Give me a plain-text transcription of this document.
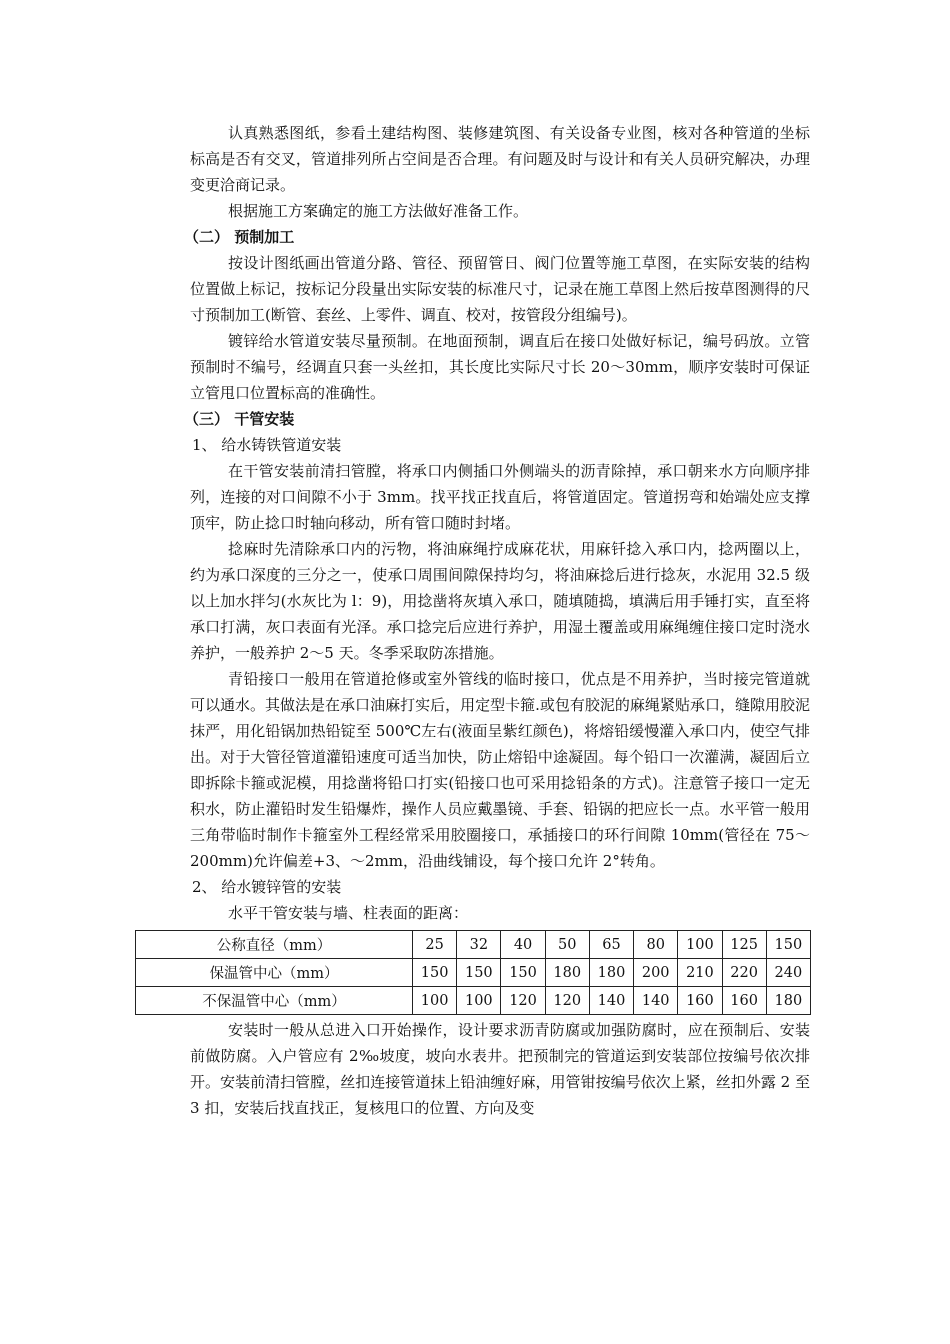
认真熟悉图纸，参看土建结构图、装修建筑图、有关设备专业图，核对各种管道的坐标标高是否有交叉，管道排列所占空间是否合理。有问题及时与设计和有关人员研究解决，办理变更洽商记录。

根据施工方案确定的施工方法做好准备工作。

（二） 预制加工

按设计图纸画出管道分路、管径、预留管日、阀门位置等施工草图，在实际安装的结构位置做上标记，按标记分段量出实际安装的标准尺寸，记录在施工草图上然后按草图测得的尺寸预制加工(断管、套丝、上零件、调直、校对，按管段分组编号)。

镀锌给水管道安装尽量预制。在地面预制，调直后在接口处做好标记，编号码放。立管预制时不编号，经调直只套一头丝扣，其长度比实际尺寸长 20～30mm，顺序安装时可保证立管甩口位置标高的准确性。

（三） 干管安装

1、 给水铸铁管道安装

在干管安装前清扫管膛，将承口内侧插口外侧端头的沥青除掉，承口朝来水方向顺序排列，连接的对口间隙不小于 3mm。找平找正找直后，将管道固定。管道拐弯和始端处应支撑顶牢，防止捻口时轴向移动，所有管口随时封堵。

捻麻时先清除承口内的污物，将油麻绳拧成麻花状，用麻钎捻入承口内，捻两圈以上，约为承口深度的三分之一，使承口周围间隙保持均匀，将油麻捻后进行捻灰，水泥用 32.5 级以上加水拌匀(水灰比为 l：9)，用捻凿将灰填入承口，随填随捣，填满后用手锤打实，直至将承口打满，灰口表面有光泽。承口捻完后应进行养护，用湿土覆盖或用麻绳缠住接口定时浇水养护，一般养护 2～5 天。冬季采取防冻措施。

青铅接口一般用在管道抢修或室外管线的临时接口，优点是不用养护，当时接完管道就可以通水。其做法是在承口油麻打实后，用定型卡箍.或包有胶泥的麻绳紧贴承口，缝隙用胶泥抹严，用化铅锅加热铅锭至 500℃左右(液面呈紫红颜色)，将熔铅缓慢灌入承口内，使空气排出。对于大管径管道灌铅速度可适当加快，防止熔铅中途凝固。每个铅口一次灌满，凝固后立即拆除卡箍或泥模，用捻凿将铅口打实(铅接口也可采用捻铅条的方式)。注意管子接口一定无积水，防止灌铅时发生铅爆炸，操作人员应戴墨镜、手套、铅锅的把应长一点。水平管一般用三角带临时制作卡箍室外工程经常采用胶圈接口，承插接口的环行间隙 10mm(管径在 75～200mm)允许偏差+3、～2mm，沿曲线铺设，每个接口允许 2°转角。

2、 给水镀锌管的安装

水平干管安装与墙、柱表面的距离：

公称直径（mm）	25	32	40	50	65	80	100	125	150
保温管中心（mm）	150	150	150	180	180	200	210	220	240
不保温管中心（mm）	100	100	120	120	140	140	160	160	180

安装时一般从总进入口开始操作，设计要求沥青防腐或加强防腐时，应在预制后、安装前做防腐。入户管应有 2‰坡度，坡向水表井。把预制完的管道运到安装部位按编号依次排开。安装前清扫管膛，丝扣连接管道抹上铅油缠好麻，用管钳按编号依次上紧，丝扣外露 2 至 3 扣，安装后找直找正，复核甩口的位置、方向及变
